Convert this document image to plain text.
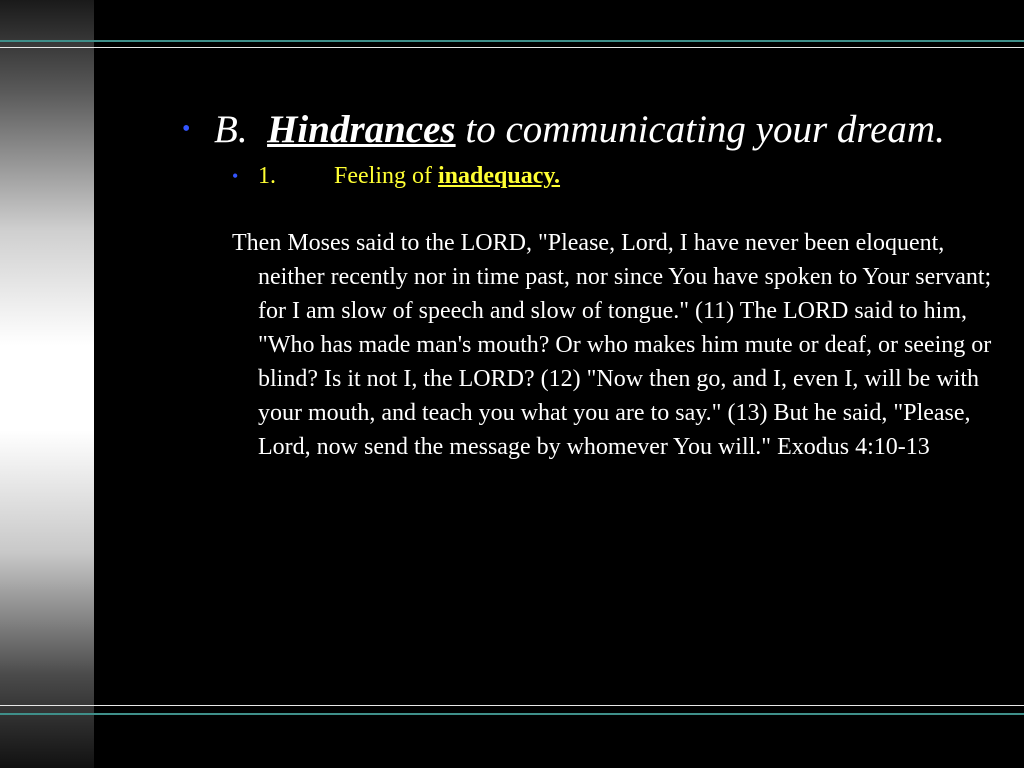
• B.  Hindrances to communicating your dream.
• 1. Feeling of inadequacy.
Then Moses said to the LORD, "Please, Lord, I have never been eloquent, neither recently nor in time past, nor since You have spoken to Your servant; for I am slow of speech and slow of tongue." (11) The LORD said to him, "Who has made man's mouth? Or who makes him mute or deaf, or seeing or blind? Is it not I, the LORD? (12) "Now then go, and I, even I, will be with your mouth, and teach you what you are to say." (13) But he said, "Please, Lord, now send the message by whomever You will." Exodus 4:10-13
